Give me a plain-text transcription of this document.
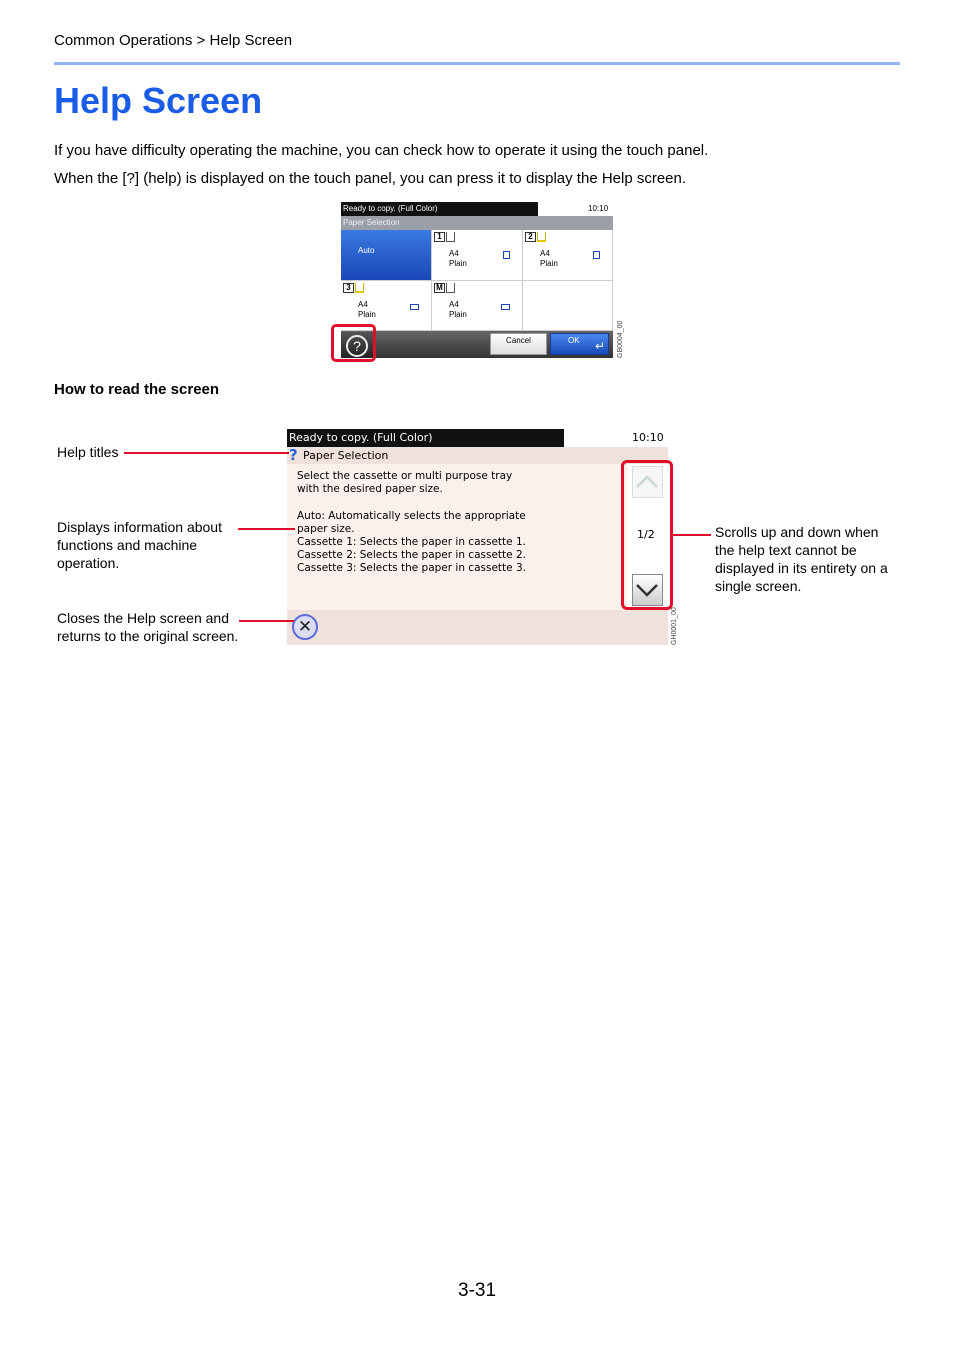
Common Operations > Help Screen
Help Screen
If you have difficulty operating the machine, you can check how to operate it using the touch panel.
When the [?] (help) is displayed on the touch panel, you can press it to display the Help screen.
Ready to copy. (Full Color)	10:10
Paper Selection
Auto
1
A4
Plain
2
A4
Plain
3
A4
Plain
M
A4
Plain
?	Cancel	OK ↵ GB0004_00
How to read the screen
Ready to copy. (Full Color)	10:10
? Paper Selection
Select the cassette or multi purpose tray
with the desired paper size.

Auto: Automatically selects the appropriate
paper size.
Cassette 1: Selects the paper in cassette 1.
Cassette 2: Selects the paper in cassette 2.
Cassette 3: Selects the paper in cassette 3.
1/2
✕	GH0001_00
Help titles
Displays information about functions and machine operation.
Closes the Help screen and returns to the original screen.
Scrolls up and down when the help text cannot be displayed in its entirety on a single screen.
3-31
